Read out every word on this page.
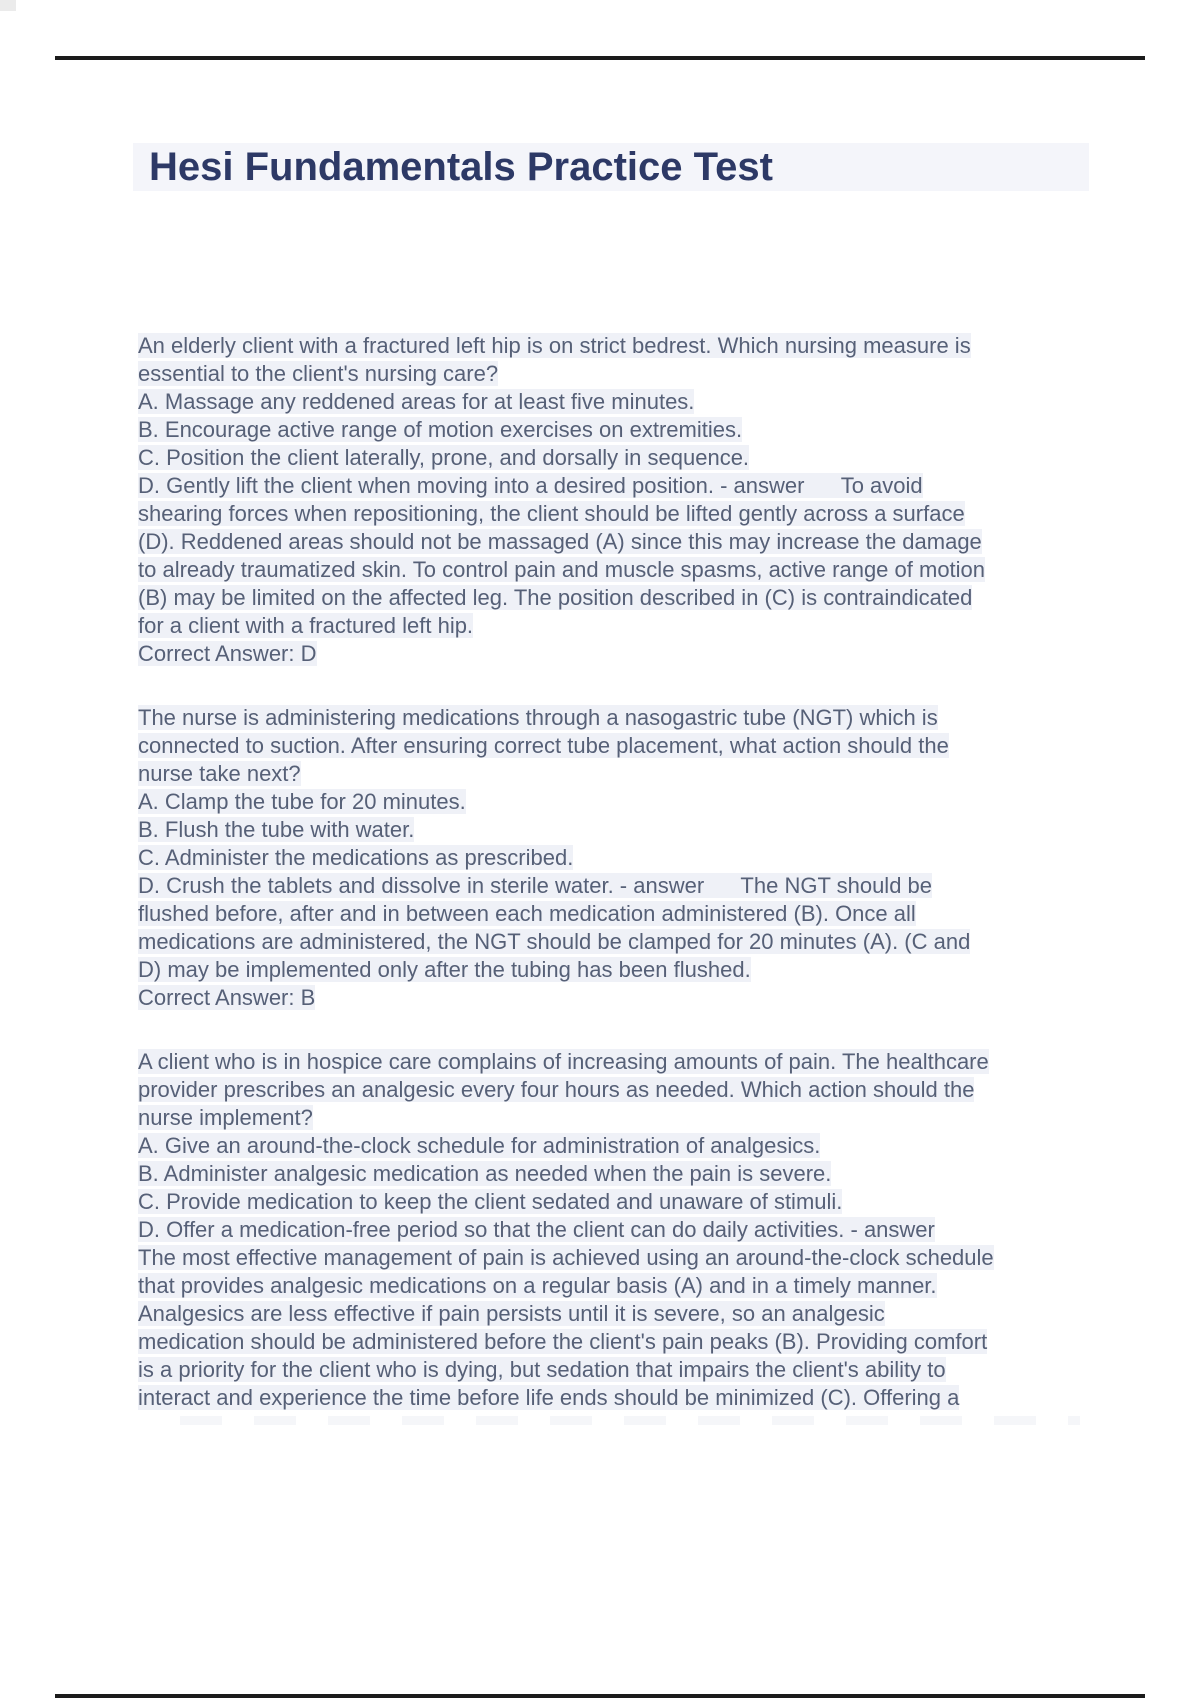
Hesi Fundamentals Practice Test

An elderly client with a fractured left hip is on strict bedrest. Which nursing measure is
essential to the client's nursing care?
A. Massage any reddened areas for at least five minutes.
B. Encourage active range of motion exercises on extremities.
C. Position the client laterally, prone, and dorsally in sequence.
D. Gently lift the client when moving into a desired position. - answer      To avoid
shearing forces when repositioning, the client should be lifted gently across a surface
(D). Reddened areas should not be massaged (A) since this may increase the damage
to already traumatized skin. To control pain and muscle spasms, active range of motion
(B) may be limited on the affected leg. The position described in (C) is contraindicated
for a client with a fractured left hip.
Correct Answer: D

The nurse is administering medications through a nasogastric tube (NGT) which is
connected to suction. After ensuring correct tube placement, what action should the
nurse take next?
A. Clamp the tube for 20 minutes.
B. Flush the tube with water.
C. Administer the medications as prescribed.
D. Crush the tablets and dissolve in sterile water. - answer      The NGT should be
flushed before, after and in between each medication administered (B). Once all
medications are administered, the NGT should be clamped for 20 minutes (A). (C and
D) may be implemented only after the tubing has been flushed.
Correct Answer: B

A client who is in hospice care complains of increasing amounts of pain. The healthcare
provider prescribes an analgesic every four hours as needed. Which action should the
nurse implement?
A. Give an around-the-clock schedule for administration of analgesics.
B. Administer analgesic medication as needed when the pain is severe.
C. Provide medication to keep the client sedated and unaware of stimuli.
D. Offer a medication-free period so that the client can do daily activities. - answer
The most effective management of pain is achieved using an around-the-clock schedule
that provides analgesic medications on a regular basis (A) and in a timely manner.
Analgesics are less effective if pain persists until it is severe, so an analgesic
medication should be administered before the client's pain peaks (B). Providing comfort
is a priority for the client who is dying, but sedation that impairs the client's ability to
interact and experience the time before life ends should be minimized (C). Offering a
